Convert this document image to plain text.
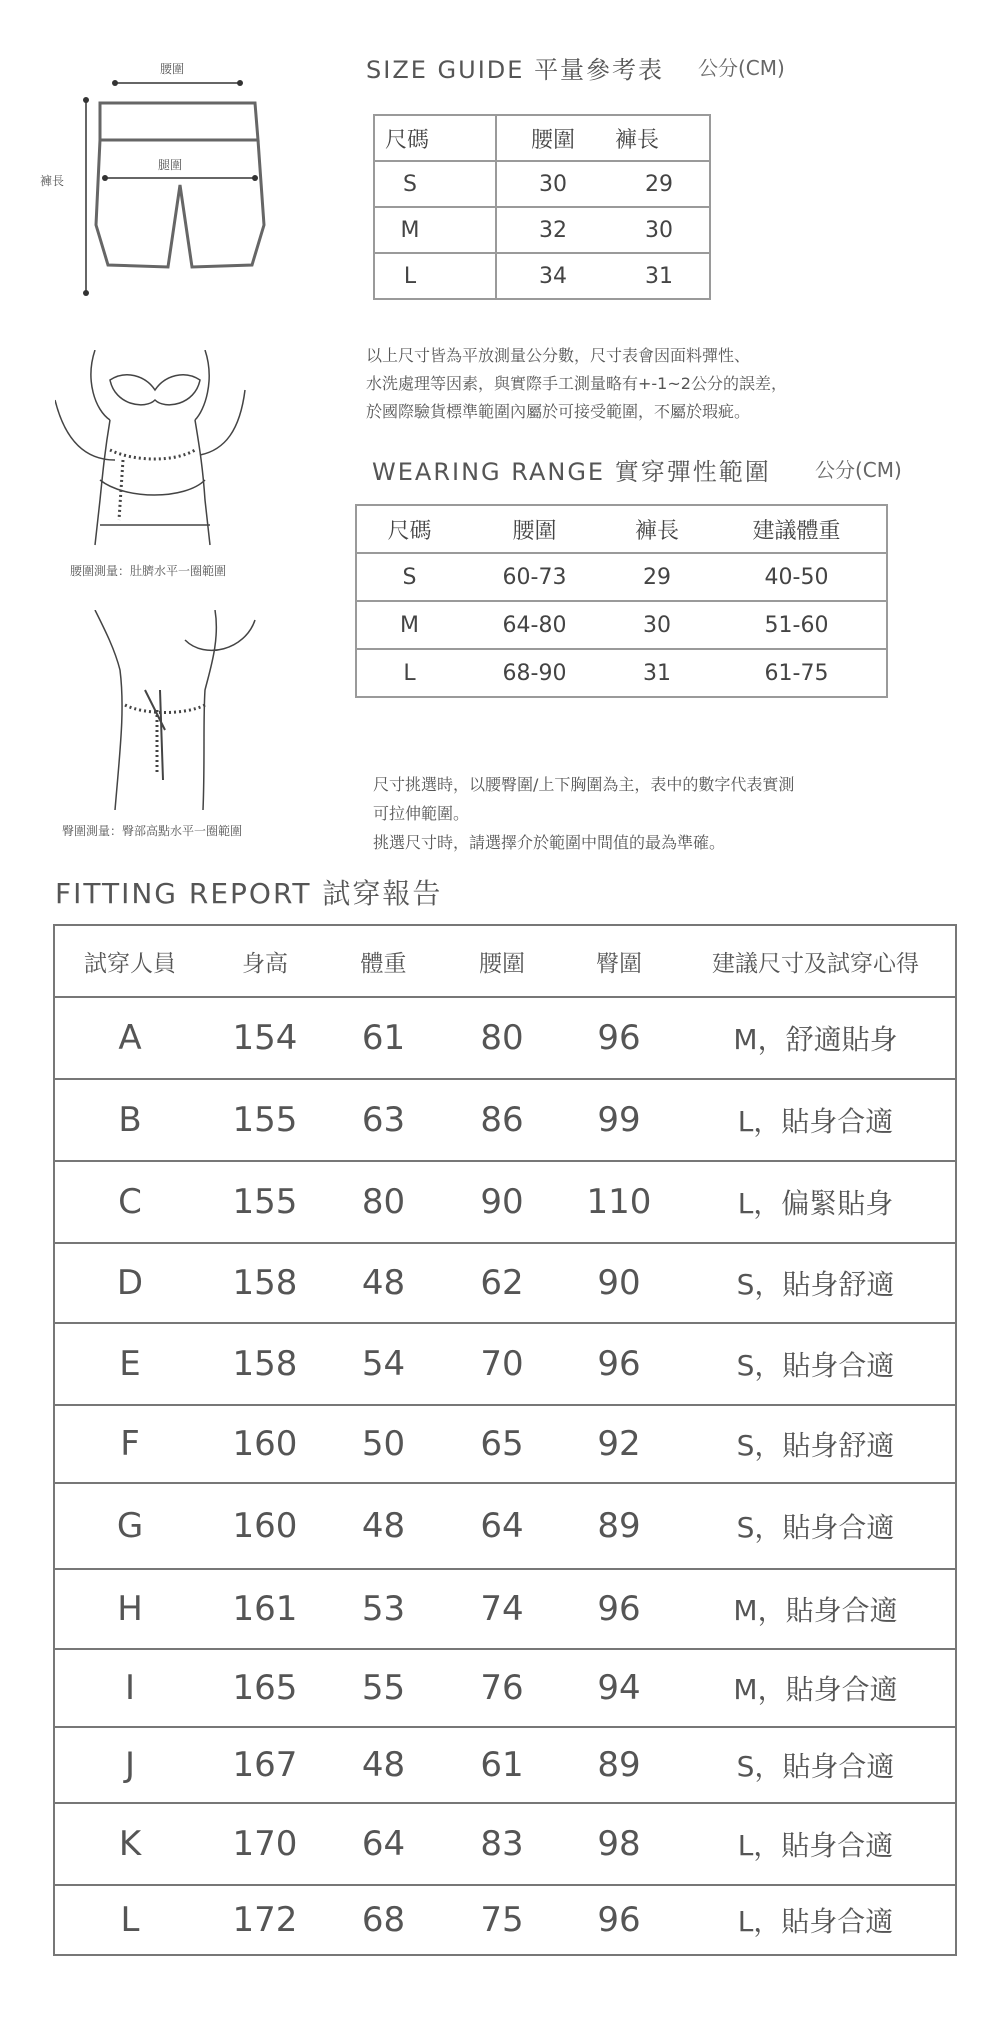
腰圍
褲長
腿圍
SIZE GUIDE 平量參考表 公分(CM)
尺碼	腰圍	褲長
S	30	29
M	32	30
L	34	31
腰圍測量：肚臍水平一圈範圍
以上尺寸皆為平放測量公分數，尺寸表會因面料彈性、
水洗處理等因素，與實際手工測量略有+-1~2公分的誤差，
於國際驗貨標準範圍內屬於可接受範圍，不屬於瑕疵。
WEARING RANGE 實穿彈性範圍 公分(CM)
尺碼	腰圍	褲長	建議體重
S	60-73	29	40-50
M	64-80	30	51-60
L	68-90	31	61-75
臀圍測量：臀部高點水平一圈範圍
尺寸挑選時，以腰臀圍/上下胸圍為主，表中的數字代表實測
可拉伸範圍。
挑選尺寸時，請選擇介於範圍中間值的最為準確。
FITTING REPORT 試穿報告
試穿人員	身高	體重	腰圍	臀圍	建議尺寸及試穿心得
A	154	61	80	96	M，舒適貼身
B	155	63	86	99	L，貼身合適
C	155	80	90	110	L，偏緊貼身
D	158	48	62	90	S，貼身舒適
E	158	54	70	96	S，貼身合適
F	160	50	65	92	S，貼身舒適
G	160	48	64	89	S，貼身合適
H	161	53	74	96	M，貼身合適
I	165	55	76	94	M，貼身合適
J	167	48	61	89	S，貼身合適
K	170	64	83	98	L，貼身合適
L	172	68	75	96	L，貼身合適
